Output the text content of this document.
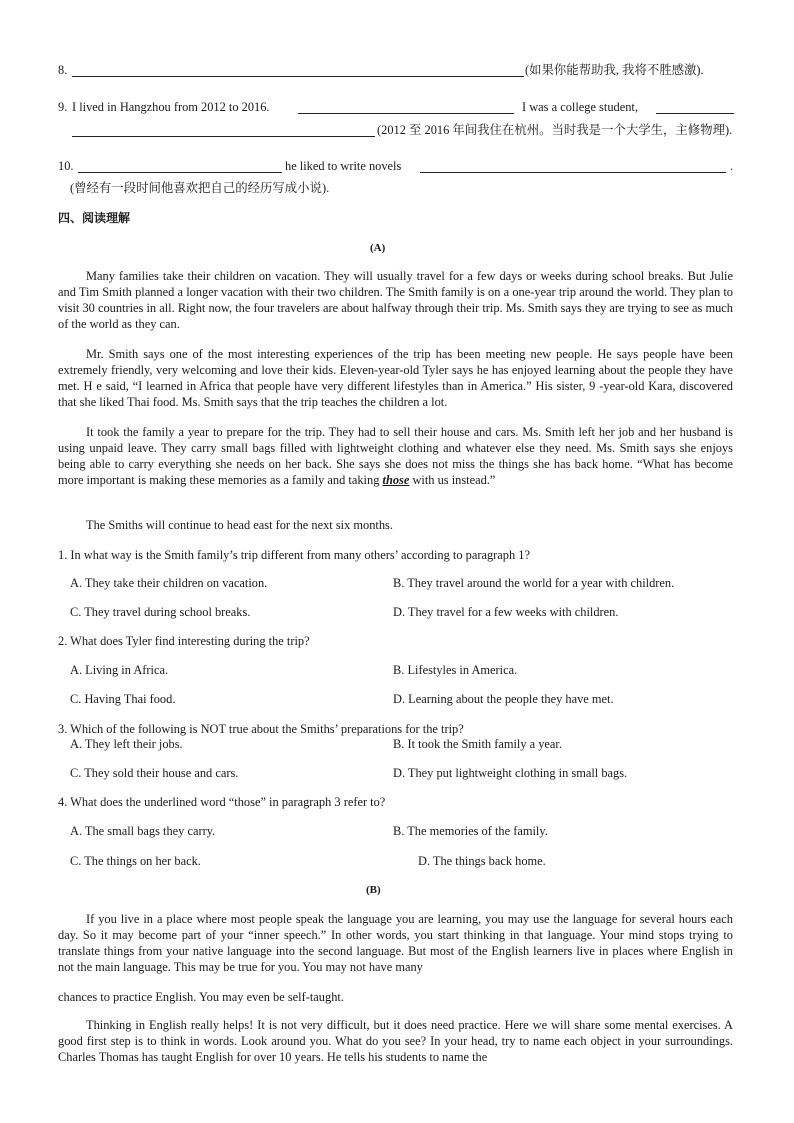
8.	(如果你能帮助我, 我将不胜感激).
9. I lived in Hangzhou from 2012 to 2016.	I was a college student,
(2012 至 2016 年间我住在杭州。当时我是一个大学生，主修物理).
10.	he liked to write novels	.
(曾经有一段时间他喜欢把自己的经历写成小说).
四、阅读理解
(A)

Many families take their children on vacation. They will usually travel for a few days or weeks during school breaks. But Julie and Tim Smith planned a longer vacation with their two children. The Smith family is on a one-year trip around the world. They plan to visit 30 countries in all. Right now, the four travelers are about halfway through their trip. Ms. Smith says they are trying to see as much of the world as they can.

Mr. Smith says one of the most interesting experiences of the trip has been meeting new people. He says people have been extremely friendly, very welcoming and love their kids. Eleven-year-old Tyler says he has enjoyed learning about the people they have met. H e said, “I learned in Africa that people have very different lifestyles than in America.” His sister, 9 -year-old Kara, discovered that she liked Thai food. Ms. Smith says that the trip teaches the children a lot.

It took the family a year to prepare for the trip. They had to sell their house and cars. Ms. Smith left her job and her husband is using unpaid leave. They carry small bags filled with lightweight clothing and whatever else they need. Ms. Smith says she enjoys being able to carry everything she needs on her back. She says she does not miss the things she has back home. “What has become more important is making these memories as a family and taking those with us instead.”

The Smiths will continue to head east for the next six months.

1. In what way is the Smith family’s trip different from many others’ according to paragraph 1?
A. They take their children on vacation.	B. They travel around the world for a year with children.
C. They travel during school breaks.	D. They travel for a few weeks with children.
2. What does Tyler find interesting during the trip?
A. Living in Africa.	B. Lifestyles in America.
C. Having Thai food.	D. Learning about the people they have met.
3. Which of the following is NOT true about the Smiths’ preparations for the trip?
A. They left their jobs.	B. It took the Smith family a year.
C. They sold their house and cars.	D. They put lightweight clothing in small bags.
4. What does the underlined word “those” in paragraph 3 refer to?
A. The small bags they carry.	B. The memories of the family.
C. The things on her back.	D. The things back home.
(B)

If you live in a place where most people speak the language you are learning, you may use the language for several hours each day. So it may become part of your “inner speech.” In other words, you start thinking in that language. Your mind stops trying to translate things from your native language into the second language. But most of the English learners live in places where English in not the main language. This may be true for you. You may not have many

chances to practice English. You may even be self-taught.

Thinking in English really helps! It is not very difficult, but it does need practice. Here we will share some mental exercises. A good first step is to think in words. Look around you. What do you see? In your head, try to name each object in your surroundings. Charles Thomas has taught English for over 10 years. He tells his students to name the
